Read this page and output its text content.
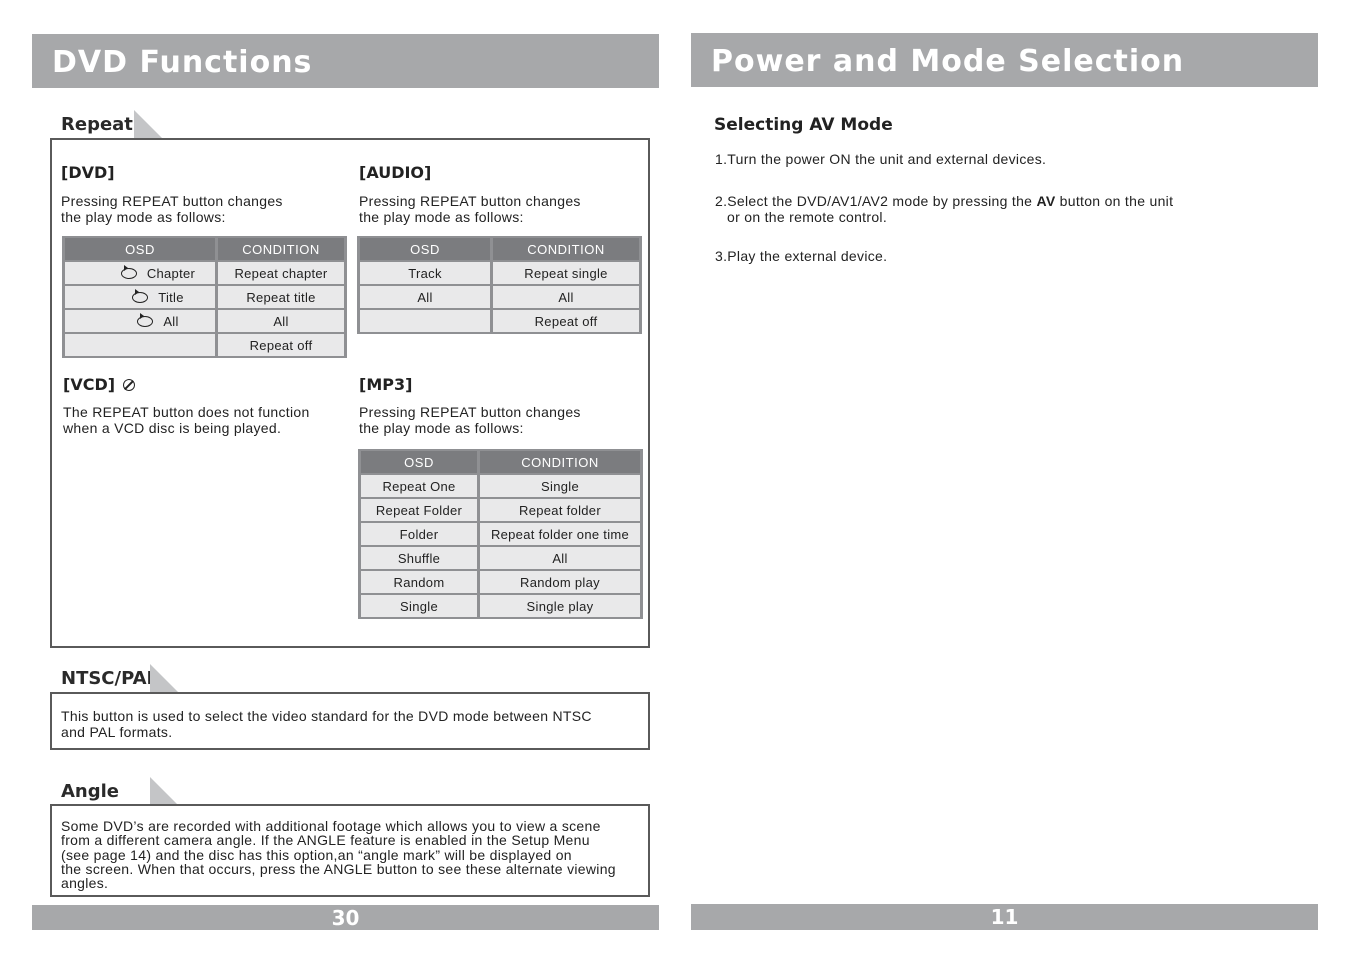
DVD Functions
Repeat
[DVD]
Pressing REPEAT button changes
the play mode as follows:
OSD	CONDITION
Chapter	Repeat chapter
Title	Repeat title
All	All
	Repeat off
[AUDIO]
Pressing REPEAT button changes
the play mode as follows:
OSD	CONDITION
Track	Repeat single
All	All
	Repeat off
[VCD]
The REPEAT button does not function
when a VCD disc is being played.
[MP3]
Pressing REPEAT button changes
the play mode as follows:
OSD	CONDITION
Repeat One	Single
Repeat Folder	Repeat folder
Folder	Repeat folder one time
Shuffle	All
Random	Random play
Single	Single play
NTSC/PAL
This button is used to select the video standard for the DVD mode between NTSC
and PAL formats.
Angle
Some DVD’s are recorded with additional footage which allows you to view a scene
from a different camera angle. If the ANGLE feature is enabled in the Setup Menu
(see page 14) and the disc has this option,an “angle mark” will be displayed on
the screen. When that occurs, press the ANGLE button to see these alternate viewing
angles.
30
Power and Mode Selection
Selecting AV Mode
1.Turn the power ON the unit and external devices.
2.Select the DVD/AV1/AV2 mode by pressing the AV button on the unit
or on the remote control.
3.Play the external device.
11
